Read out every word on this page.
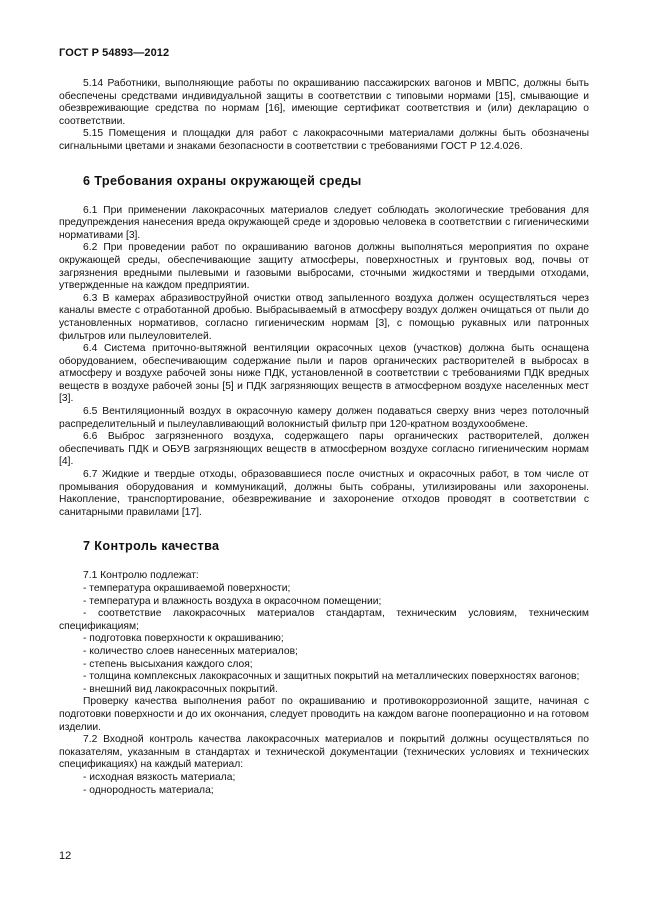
ГОСТ Р 54893—2012

5.14 Работники, выполняющие работы по окрашиванию пассажирских вагонов и МВПС, должны быть обеспечены средствами индивидуальной защиты в соответствии с типовыми нормами [15], смывающие и обезвреживающие средства по нормам [16], имеющие сертификат соответствия и (или) декларацию о соответствии.

5.15 Помещения и площадки для работ с лакокрасочными материалами должны быть обозначены сигнальными цветами и знаками безопасности в соответствии с требованиями ГОСТ Р 12.4.026.

6 Требования охраны окружающей среды

6.1 При применении лакокрасочных материалов следует соблюдать экологические требования для предупреждения нанесения вреда окружающей среде и здоровью человека в соответствии с гигиеническими нормативами [3].

6.2 При проведении работ по окрашиванию вагонов должны выполняться мероприятия по охране окружающей среды, обеспечивающие защиту атмосферы, поверхностных и грунтовых вод, почвы от загрязнения вредными пылевыми и газовыми выбросами, сточными жидкостями и твердыми отходами, утвержденные на каждом предприятии.

6.3 В камерах абразивоструйной очистки отвод запыленного воздуха должен осуществляться через каналы вместе с отработанной дробью. Выбрасываемый в атмосферу воздух должен очищаться от пыли до установленных нормативов, согласно гигиеническим нормам [3], с помощью рукавных или патронных фильтров или пылеуловителей.

6.4 Система приточно-вытяжной вентиляции окрасочных цехов (участков) должна быть оснащена оборудованием, обеспечивающим содержание пыли и паров органических растворителей в выбросах в атмосферу и воздухе рабочей зоны ниже ПДК, установленной в соответствии с требованиями ПДК вредных веществ в воздухе рабочей зоны [5] и ПДК загрязняющих веществ в атмосферном воздухе населенных мест [3].

6.5 Вентиляционный воздух в окрасочную камеру должен подаваться сверху вниз через потолочный распределительный и пылеулавливающий волокнистый фильтр при 120-кратном воздухообмене.

6.6 Выброс загрязненного воздуха, содержащего пары органических растворителей, должен обеспечивать ПДК и ОБУВ загрязняющих веществ в атмосферном воздухе согласно гигиеническим нормам [4].

6.7 Жидкие и твердые отходы, образовавшиеся после очистных и окрасочных работ, в том числе от промывания оборудования и коммуникаций, должны быть собраны, утилизированы или захоронены. Накопление, транспортирование, обезвреживание и захоронение отходов проводят в соответствии с санитарными правилами [17].

7 Контроль качества

7.1 Контролю подлежат:

- температура окрашиваемой поверхности;
- температура и влажность воздуха в окрасочном помещении;
- соответствие лакокрасочных материалов стандартам, техническим условиям, техническим спецификациям;
- подготовка поверхности к окрашиванию;
- количество слоев нанесенных материалов;
- степень высыхания каждого слоя;
- толщина комплексных лакокрасочных и защитных покрытий на металлических поверхностях вагонов;
- внешний вид лакокрасочных покрытий.

Проверку качества выполнения работ по окрашиванию и противокоррозионной защите, начиная с подготовки поверхности и до их окончания, следует проводить на каждом вагоне пооперационно и на готовом изделии.

7.2 Входной контроль качества лакокрасочных материалов и покрытий должны осуществляться по показателям, указанным в стандартах и технической документации (технических условиях и технических спецификациях) на каждый материал:

- исходная вязкость материала;
- однородность материала;
12
